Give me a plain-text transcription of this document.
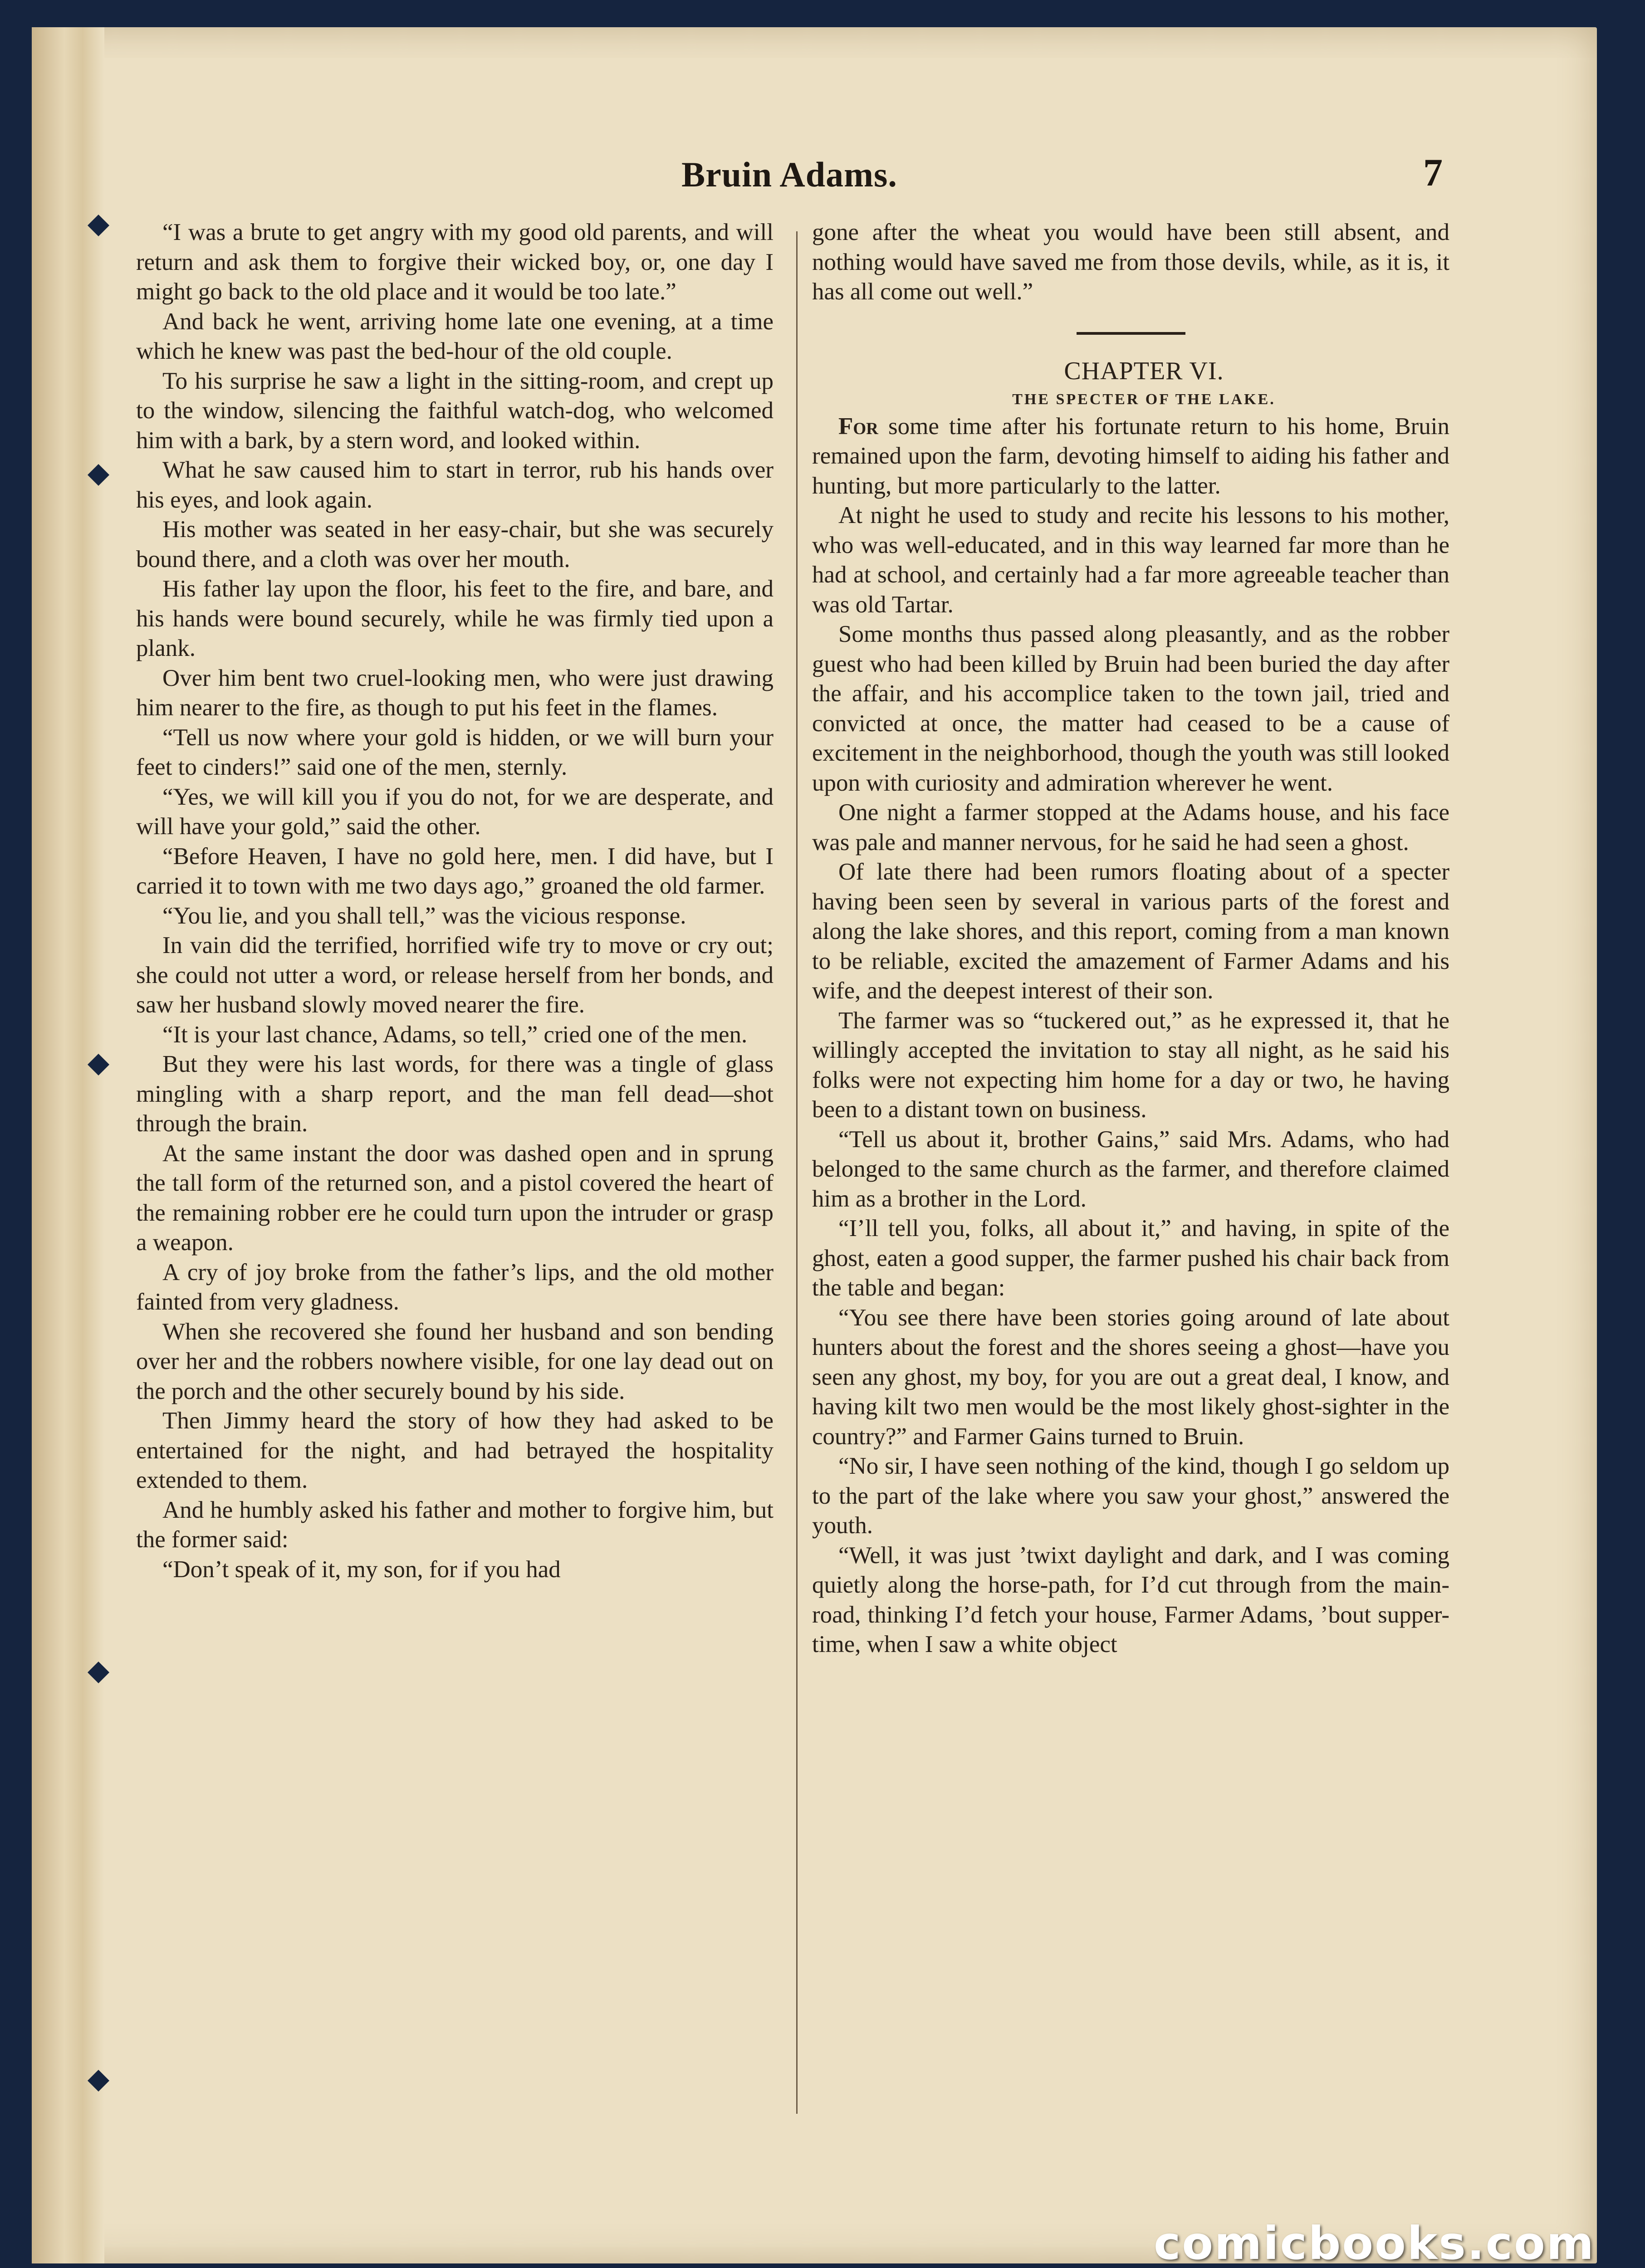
Bruin Adams.	7

“I was a brute to get angry with my good old parents, and will return and ask them to forgive their wicked boy, or, one day I might go back to the old place and it would be too late.”

And back he went, arriving home late one evening, at a time which he knew was past the bed-hour of the old couple.

To his surprise he saw a light in the sitting-room, and crept up to the window, silencing the faithful watch-dog, who welcomed him with a bark, by a stern word, and looked within.

What he saw caused him to start in terror, rub his hands over his eyes, and look again.

His mother was seated in her easy-chair, but she was securely bound there, and a cloth was over her mouth.

His father lay upon the floor, his feet to the fire, and bare, and his hands were bound securely, while he was firmly tied upon a plank.

Over him bent two cruel-looking men, who were just drawing him nearer to the fire, as though to put his feet in the flames.

“Tell us now where your gold is hidden, or we will burn your feet to cinders!” said one of the men, sternly.

“Yes, we will kill you if you do not, for we are desperate, and will have your gold,” said the other.

“Before Heaven, I have no gold here, men. I did have, but I carried it to town with me two days ago,” groaned the old farmer.

“You lie, and you shall tell,” was the vicious response.

In vain did the terrified, horrified wife try to move or cry out; she could not utter a word, or release herself from her bonds, and saw her husband slowly moved nearer the fire.

“It is your last chance, Adams, so tell,” cried one of the men.

But they were his last words, for there was a tingle of glass mingling with a sharp report, and the man fell dead—shot through the brain.

At the same instant the door was dashed open and in sprung the tall form of the returned son, and a pistol covered the heart of the remaining robber ere he could turn upon the intruder or grasp a weapon.

A cry of joy broke from the father’s lips, and the old mother fainted from very gladness.

When she recovered she found her husband and son bending over her and the robbers nowhere visible, for one lay dead out on the porch and the other securely bound by his side.

Then Jimmy heard the story of how they had asked to be entertained for the night, and had betrayed the hospitality extended to them.

And he humbly asked his father and mother to forgive him, but the former said:

“Don’t speak of it, my son, for if you had

gone after the wheat you would have been still absent, and nothing would have saved me from those devils, while, as it is, it has all come out well.”

CHAPTER VI.

THE SPECTER OF THE LAKE.

For some time after his fortunate return to his home, Bruin remained upon the farm, devoting himself to aiding his father and hunting, but more particularly to the latter.

At night he used to study and recite his lessons to his mother, who was well-educated, and in this way learned far more than he had at school, and certainly had a far more agreeable teacher than was old Tartar.

Some months thus passed along pleasantly, and as the robber guest who had been killed by Bruin had been buried the day after the affair, and his accomplice taken to the town jail, tried and convicted at once, the matter had ceased to be a cause of excitement in the neighborhood, though the youth was still looked upon with curiosity and admiration wherever he went.

One night a farmer stopped at the Adams house, and his face was pale and manner nervous, for he said he had seen a ghost.

Of late there had been rumors floating about of a specter having been seen by several in various parts of the forest and along the lake shores, and this report, coming from a man known to be reliable, excited the amazement of Farmer Adams and his wife, and the deepest interest of their son.

The farmer was so “tuckered out,” as he expressed it, that he willingly accepted the invitation to stay all night, as he said his folks were not expecting him home for a day or two, he having been to a distant town on business.

“Tell us about it, brother Gains,” said Mrs. Adams, who had belonged to the same church as the farmer, and therefore claimed him as a brother in the Lord.

“I’ll tell you, folks, all about it,” and having, in spite of the ghost, eaten a good supper, the farmer pushed his chair back from the table and began:

“You see there have been stories going around of late about hunters about the forest and the shores seeing a ghost—have you seen any ghost, my boy, for you are out a great deal, I know, and having kilt two men would be the most likely ghost-sighter in the country?” and Farmer Gains turned to Bruin.

“No sir, I have seen nothing of the kind, though I go seldom up to the part of the lake where you saw your ghost,” answered the youth.

“Well, it was just ’twixt daylight and dark, and I was coming quietly along the horse-path, for I’d cut through from the main-road, thinking I’d fetch your house, Farmer Adams, ’bout supper-time, when I saw a white object

comicbooks.com
